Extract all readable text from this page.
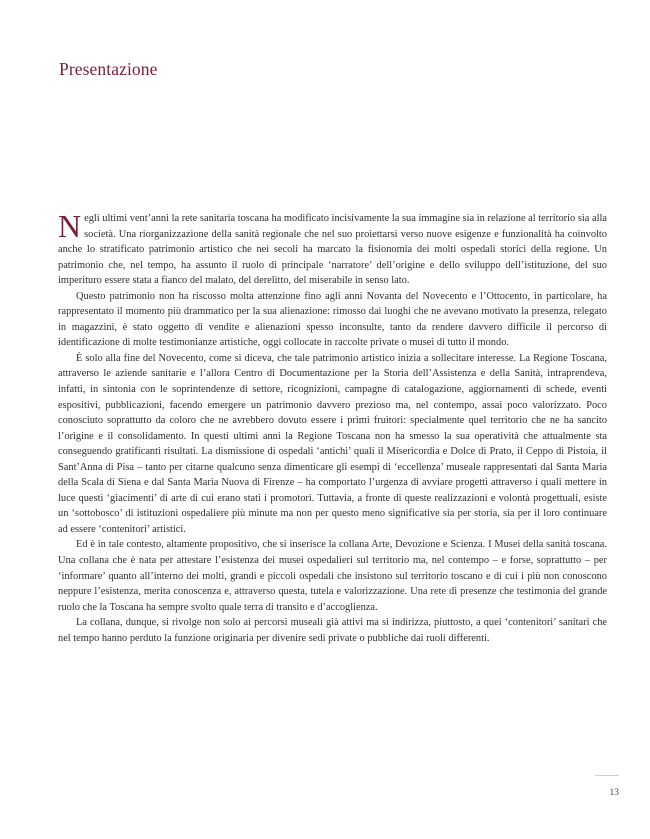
Presentazione

Negli ultimi vent’anni la rete sanitaria toscana ha modificato incisivamente la sua immagine sia in relazione al territorio sia alla società. Una riorganizzazione della sanità regionale che nel suo proiettarsi verso nuove esigenze e funzionalità ha coinvolto anche lo stratificato patrimonio artistico che nei secoli ha marcato la fisionomia dei molti ospedali storici della regione. Un patrimonio che, nel tempo, ha assunto il ruolo di principale ‘narratore’ dell’origine e dello sviluppo dell’istituzione, del suo imperituro essere stata a fianco del malato, del derelitto, del miserabile in senso lato.

Questo patrimonio non ha riscosso molta attenzione fino agli anni Novanta del Novecento e l’Ottocento, in particolare, ha rappresentato il momento più drammatico per la sua alienazione: rimosso dai luoghi che ne avevano motivato la presenza, relegato in magazzini, è stato oggetto di vendite e alienazioni spesso inconsulte, tanto da rendere davvero difficile il percorso di identificazione di molte testimonianze artistiche, oggi collocate in raccolte private o musei di tutto il mondo.

È solo alla fine del Novecento, come si diceva, che tale patrimonio artistico inizia a sollecitare interesse. La Regione Toscana, attraverso le aziende sanitarie e l’allora Centro di Documentazione per la Storia dell’Assistenza e della Sanità, intraprendeva, infatti, in sintonia con le soprintendenze di settore, ricognizioni, campagne di catalogazione, aggiornamenti di schede, eventi espositivi, pubblicazioni, facendo emergere un patrimonio davvero prezioso ma, nel contempo, assai poco valorizzato. Poco conosciuto soprattutto da coloro che ne avrebbero dovuto essere i primi fruitori: specialmente quel territorio che ne ha sancito l’origine e il consolidamento. In questi ultimi anni la Regione Toscana non ha smesso la sua operatività che attualmente sta conseguendo gratificanti risultati. La dismissione di ospedali ‘antichi’ quali il Misericordia e Dolce di Prato, il Ceppo di Pistoia, il Sant’Anna di Pisa – tanto per citarne qualcuno senza dimenticare gli esempi di ‘eccellenza’ museale rappresentati dal Santa Maria della Scala di Siena e dal Santa Maria Nuova di Firenze – ha comportato l’urgenza di avviare progetti attraverso i quali mettere in luce questi ‘giacimenti’ di arte di cui erano stati i promotori. Tuttavia, a fronte di queste realizzazioni e volontà progettuali, esiste un ‘sottobosco’ di istituzioni ospedaliere più minute ma non per questo meno significative sia per storia, sia per il loro continuare ad essere ‘contenitori’ artistici.

Ed è in tale contesto, altamente propositivo, che si inserisce la collana Arte, Devozione e Scienza. I Musei della sanità toscana. Una collana che è nata per attestare l’esistenza dei musei ospedalieri sul territorio ma, nel contempo – e forse, soprattutto – per ‘informare’ quanto all’interno dei molti, grandi e piccoli ospedali che insistono sul territorio toscano e di cui i più non conoscono neppure l’esistenza, merita conoscenza e, attraverso questa, tutela e valorizzazione. Una rete di presenze che testimonia del grande ruolo che la Toscana ha sempre svolto quale terra di transito e d’accoglienza.

La collana, dunque, si rivolge non solo ai percorsi museali già attivi ma si indirizza, piuttosto, a quei ‘contenitori’ sanitari che nel tempo hanno perduto la funzione originaria per divenire sedi private o pubbliche dai ruoli differenti.

13
